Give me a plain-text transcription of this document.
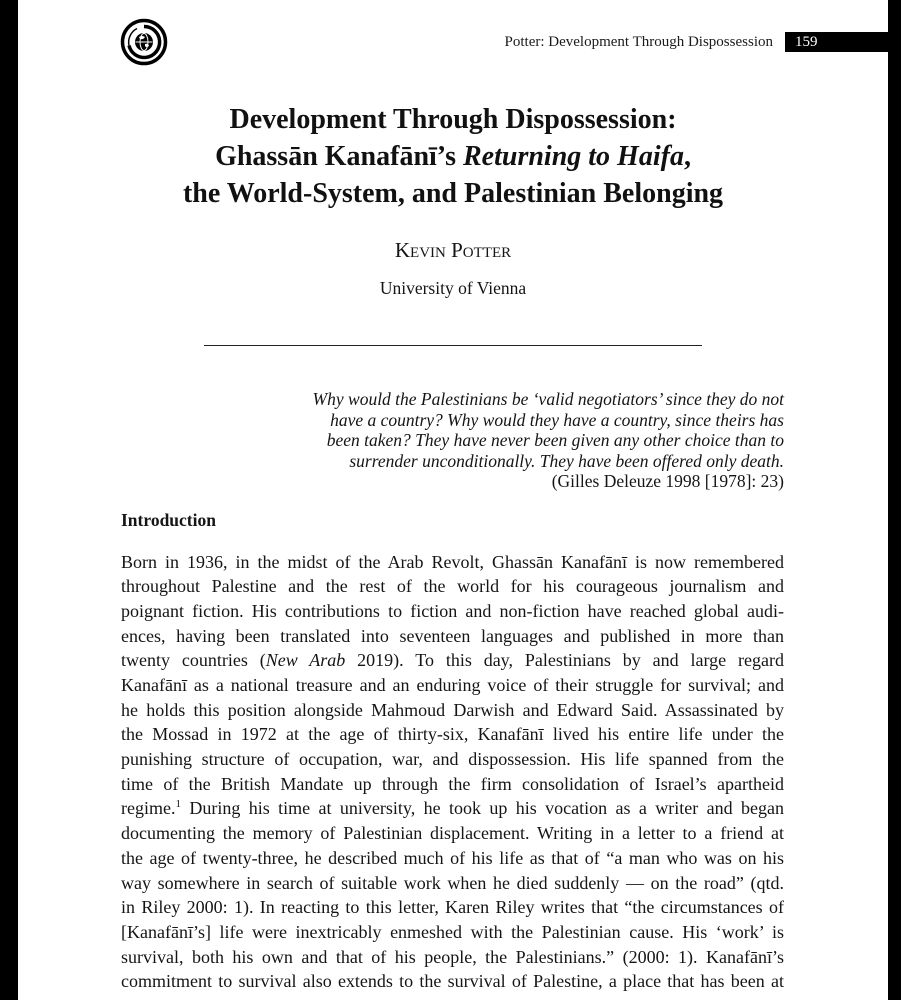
Potter: Development Through Dispossession	159
Development Through Dispossession:
Ghassān Kanafānī’s Returning to Haifa,
the World-System, and Palestinian Belonging
Kevin Potter
University of Vienna
Why would the Palestinians be ‘valid negotiators’ since they do not
have a country? Why would they have a country, since theirs has
been taken? They have never been given any other choice than to
surrender unconditionally. They have been offered only death.
(Gilles Deleuze 1998 [1978]: 23)
Introduction
Born in 1936, in the midst of the Arab Revolt, Ghassān Kanafānī is now remembered
throughout Palestine and the rest of the world for his courageous journalism and
poignant fiction. His contributions to fiction and non-fiction have reached global audi-
ences, having been translated into seventeen languages and published in more than
twenty countries (New Arab 2019). To this day, Palestinians by and large regard
Kanafānī as a national treasure and an enduring voice of their struggle for survival; and
he holds this position alongside Mahmoud Darwish and Edward Said. Assassinated by
the Mossad in 1972 at the age of thirty-six, Kanafānī lived his entire life under the
punishing structure of occupation, war, and dispossession. His life spanned from the
time of the British Mandate up through the firm consolidation of Israel’s apartheid
regime.$^1$ During his time at university, he took up his vocation as a writer and began
documenting the memory of Palestinian displacement. Writing in a letter to a friend at
the age of twenty-three, he described much of his life as that of “a man who was on his
way somewhere in search of suitable work when he died suddenly — on the road” (qtd.
in Riley 2000: 1). In reacting to this letter, Karen Riley writes that “the circumstances of
[Kanafānī’s] life were inextricably enmeshed with the Palestinian cause. His ‘work’ is
survival, both his own and that of his people, the Palestinians.” (2000: 1). Kanafānī’s
commitment to survival also extends to the survival of Palestine, a place that has been at
